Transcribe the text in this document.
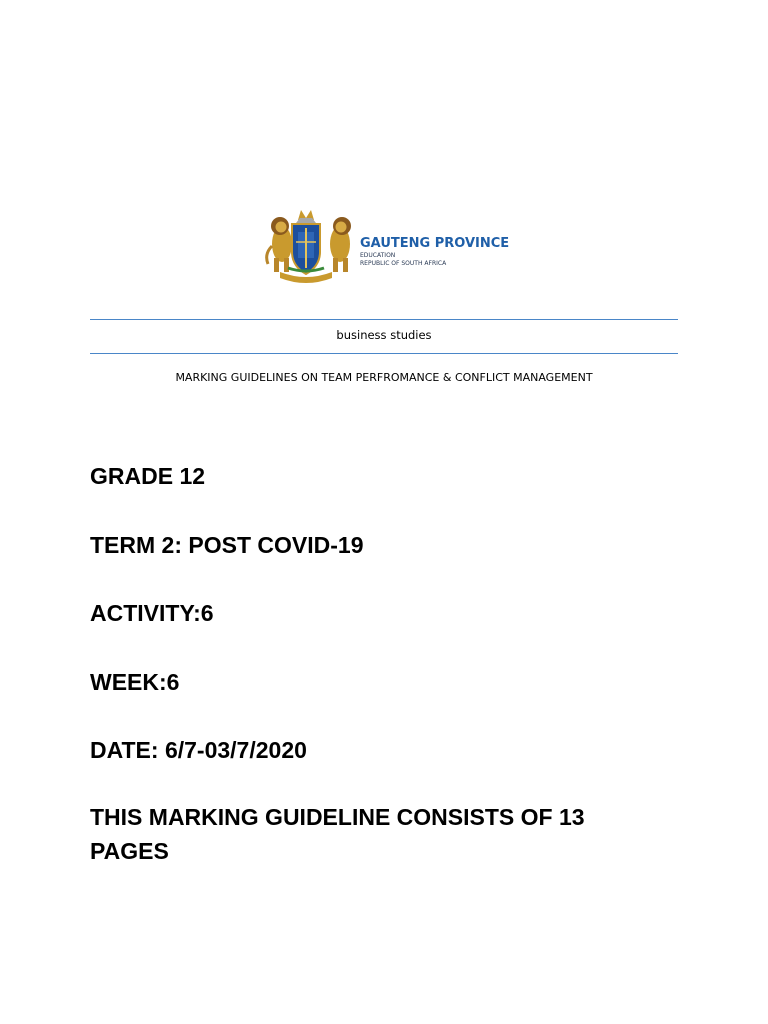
GAUTENG PROVINCE
EDUCATION
REPUBLIC OF SOUTH AFRICA
business studies
MARKING GUIDELINES ON TEAM PERFROMANCE & CONFLICT MANAGEMENT
GRADE 12
TERM 2: POST COVID-19
ACTIVITY:6
WEEK:6
DATE: 6/7-03/7/2020
THIS MARKING GUIDELINE CONSISTS OF 13
PAGES
